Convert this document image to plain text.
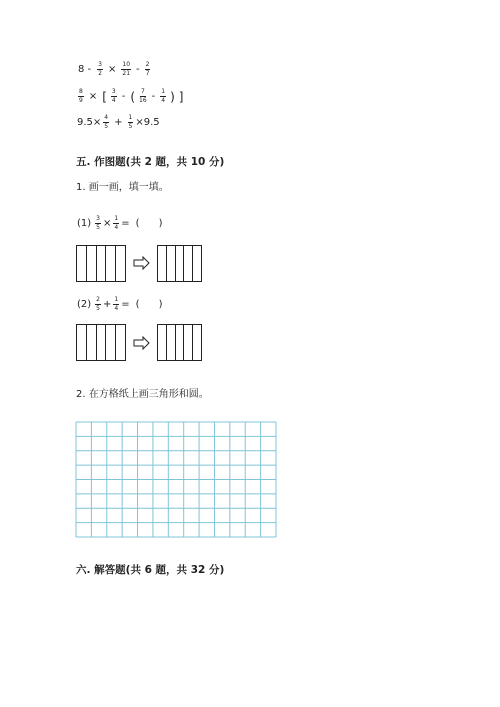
$8 - \frac{3}{2} \times \frac{10}{21} - \frac{2}{7}$
$\frac{8}{9}$ × [ $\frac{3}{4}$ - ( $\frac{7}{16} - \frac{1}{4}$ ) ]
$9.5\times \frac{4}{5} + \frac{1}{5} \times 9.5$
五. 作图题(共 2 题，共 10 分)
1. 画一画，填一填。
$(1) \frac{3}{5} \times \frac{1}{4}$ = (      )
$(2) \frac{2}{5} + \frac{1}{4}$ = (      )
2. 在方格纸上画三角形和圆。
六. 解答题(共 6 题，共 32 分)
